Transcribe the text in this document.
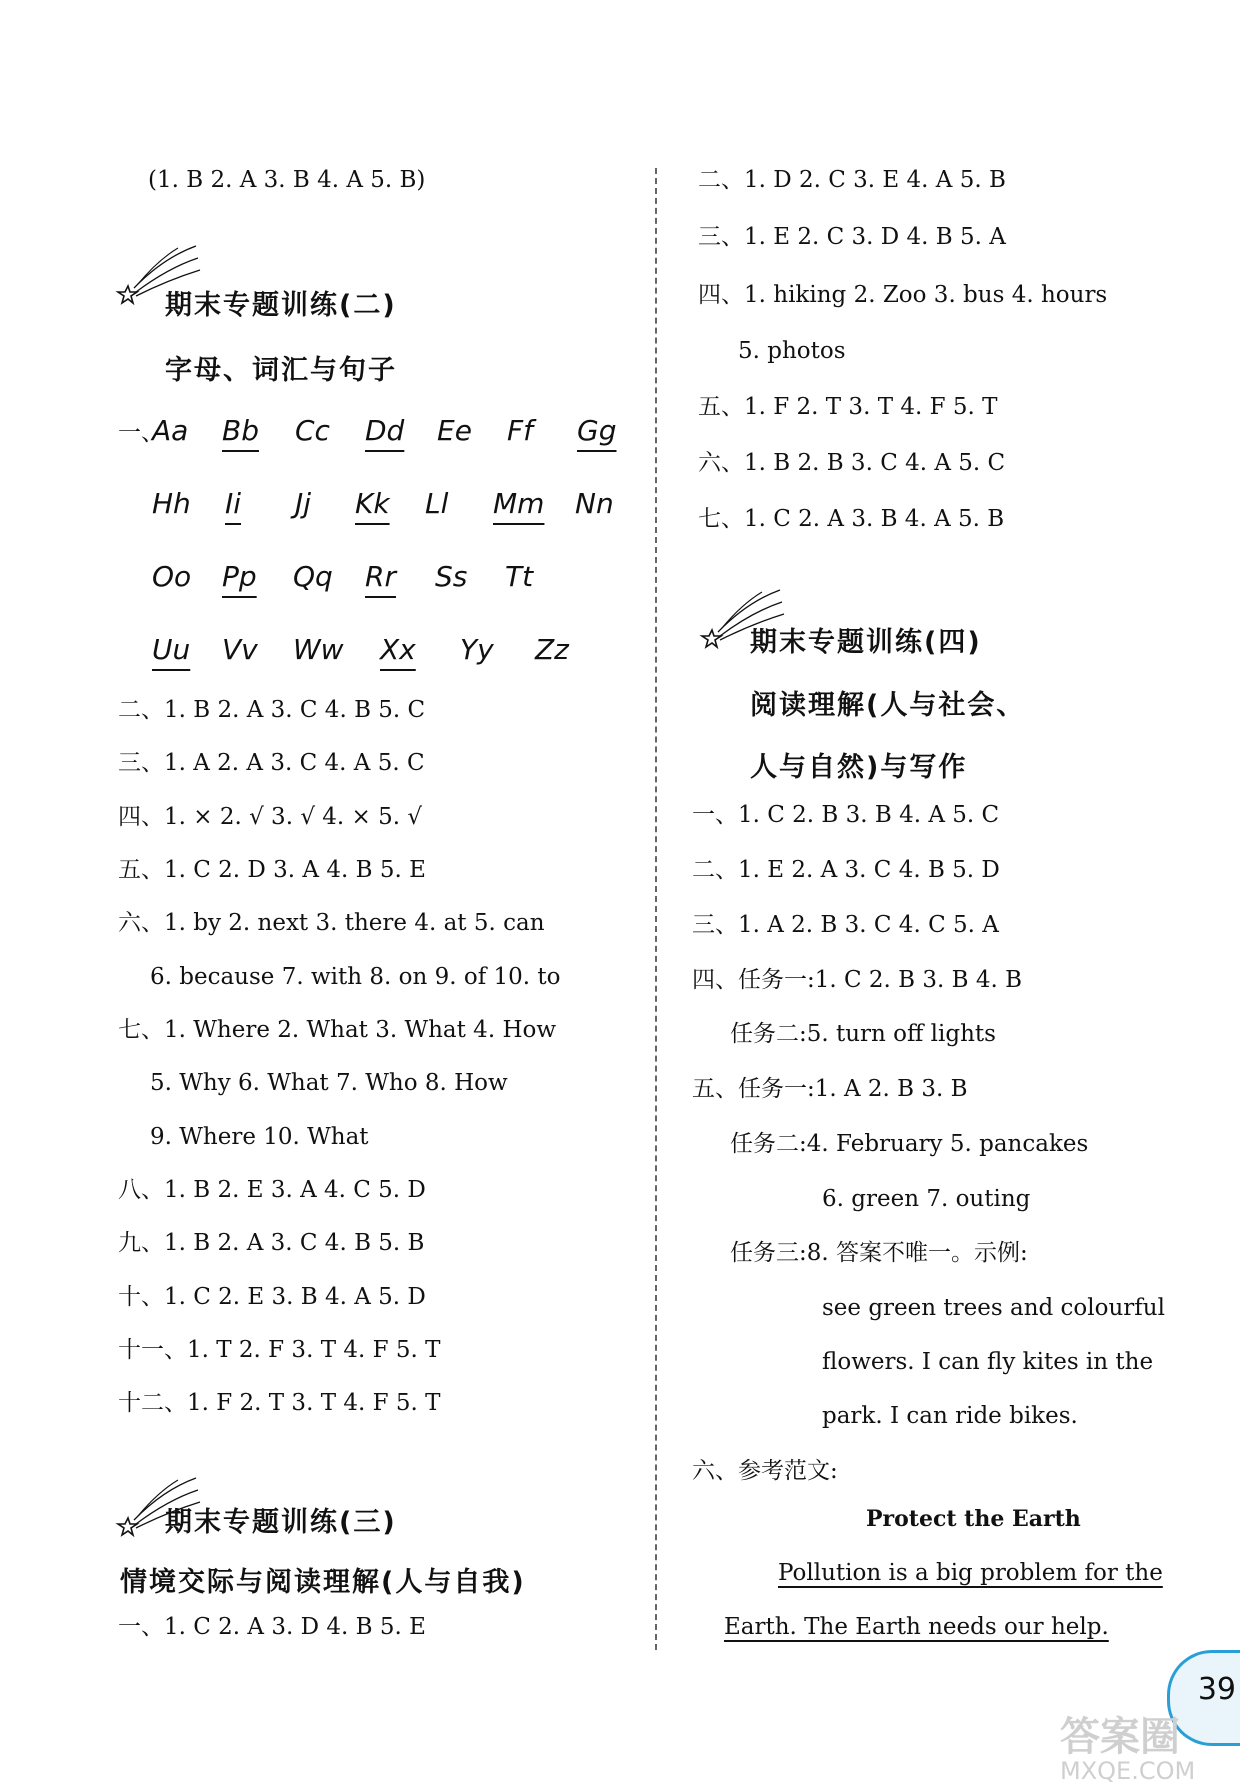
(1. B 2. A 3. B 4. A 5. B)
期末专题训练(二)
字母、词汇与句子
一、
Aa	Bb	Cc	Dd	Ee	Ff	Gg
Hh	Ii	Jj	Kk	Ll	Mm	Nn
Oo	Pp	Qq	Rr	Ss	Tt
Uu	Vv	Ww	Xx	Yy	Zz
二、1. B 2. A 3. C 4. B 5. C
三、1. A 2. A 3. C 4. A 5. C
四、1. × 2. √ 3. √ 4. × 5. √
五、1. C 2. D 3. A 4. B 5. E
六、1. by 2. next 3. there 4. at 5. can
6. because 7. with 8. on 9. of 10. to
七、1. Where 2. What 3. What 4. How
5. Why 6. What 7. Who 8. How
9. Where 10. What
八、1. B 2. E 3. A 4. C 5. D
九、1. B 2. A 3. C 4. B 5. B
十、1. C 2. E 3. B 4. A 5. D
十一、1. T 2. F 3. T 4. F 5. T
十二、1. F 2. T 3. T 4. F 5. T
期末专题训练(三)
情境交际与阅读理解(人与自我)
一、1. C 2. A 3. D 4. B 5. E
二、1. D 2. C 3. E 4. A 5. B
三、1. E 2. C 3. D 4. B 5. A
四、1. hiking 2. Zoo 3. bus 4. hours
5. photos
五、1. F 2. T 3. T 4. F 5. T
六、1. B 2. B 3. C 4. A 5. C
七、1. C 2. A 3. B 4. A 5. B
期末专题训练(四)
阅读理解(人与社会、
人与自然)与写作
一、1. C 2. B 3. B 4. A 5. C
二、1. E 2. A 3. C 4. B 5. D
三、1. A 2. B 3. C 4. C 5. A
四、任务一:1. C 2. B 3. B 4. B
任务二:5. turn off lights
五、任务一:1. A 2. B 3. B
任务二:4. February 5. pancakes
6. green 7. outing
任务三:8. 答案不唯一。示例:
see green trees and colourful
flowers. I can fly kites in the
park. I can ride bikes.
六、参考范文:
Protect the Earth
Pollution is a big problem for the
Earth. The Earth needs our help.
39
答案圈
MXQE.COM
